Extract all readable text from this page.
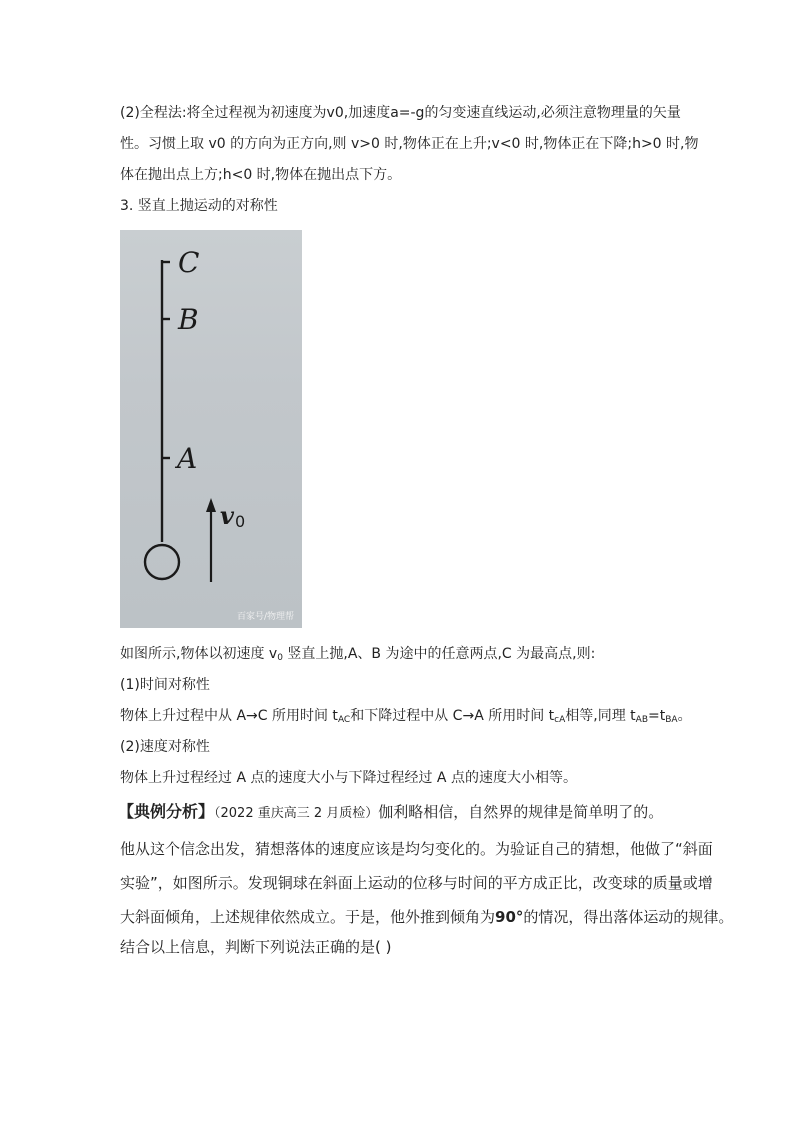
(2)全程法:将全过程视为初速度为v0,加速度a=-g的匀变速直线运动,必须注意物理量的矢量
性。习惯上取 v0 的方向为正方向,则 v>0 时,物体正在上升;v<0 时,物体正在下降;h>0 时,物
体在抛出点上方;h<0 时,物体在抛出点下方。
3. 竖直上抛运动的对称性
C
B
A
v 0
百家号/物理帮
如图所示,物体以初速度 $v_0$ 竖直上抛,A、B 为途中的任意两点,C 为最高点,则:
(1)时间对称性
物体上升过程中从 A→C 所用时间 $t_{AC}$和下降过程中从 C→A 所用时间 $t_{cA}$相等,同理 $t_{AB}=t_{BA}$。
(2)速度对称性
物体上升过程经过 A 点的速度大小与下降过程经过 A 点的速度大小相等。
【典例分析】（2022 重庆高三 2 月质检）伽利略相信，自然界的规律是简单明了的。
他从这个信念出发，猜想落体的速度应该是均匀变化的。为验证自己的猜想，他做了“斜面
实验”，如图所示。发现铜球在斜面上运动的位移与时间的平方成正比，改变球的质量或增
大斜面倾角，上述规律依然成立。于是，他外推到倾角为90°的情况，得出落体运动的规律。
结合以上信息，判断下列说法正确的是( )
